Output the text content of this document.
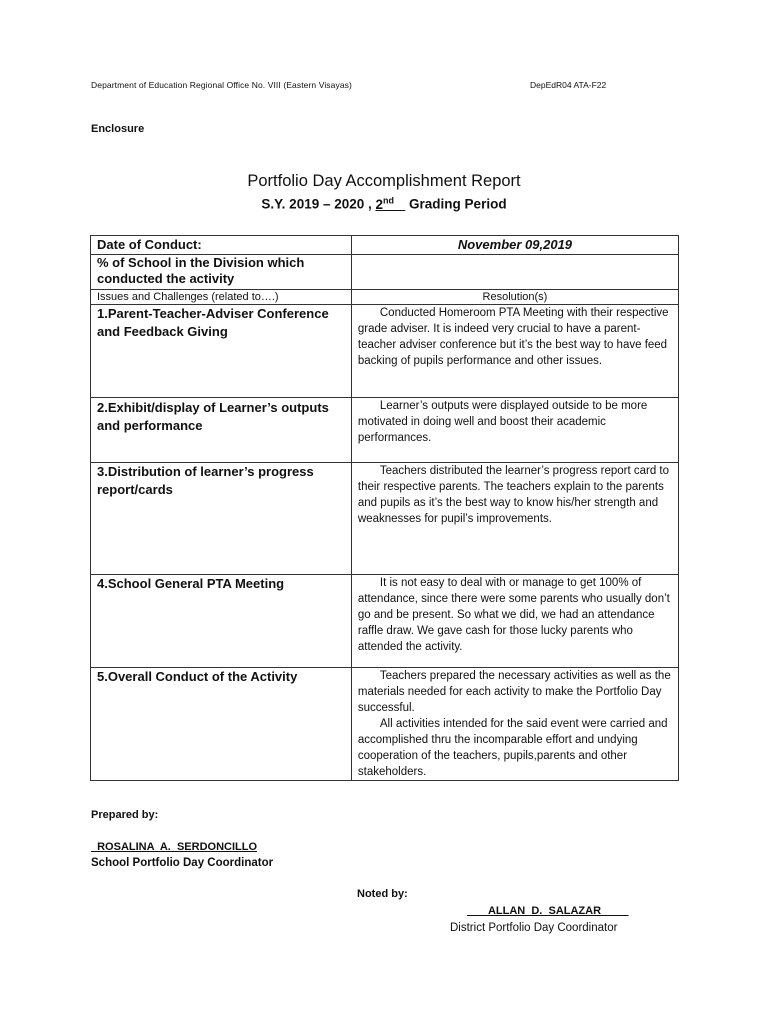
Department of Education Regional Office No. VIII (Eastern Visayas)	DepEdR04 ATA-F22
Enclosure
Portfolio Day Accomplishment Report
S.Y. 2019 – 2020 , 2nd    Grading Period
Date of Conduct:	November 09,2019
% of School in the Division which conducted the activity	
Issues and Challenges (related to….)	Resolution(s)
1.Parent-Teacher-Adviser Conference and Feedback Giving	Conducted Homeroom PTA Meeting with their respective grade adviser. It is indeed very crucial to have a parent- teacher adviser conference but it’s the best way to have feed backing of pupils performance and other issues.
2.Exhibit/display of Learner’s outputs and performance	Learner’s outputs were displayed outside to be more motivated in doing well and boost their academic performances.
3.Distribution of learner’s progress report/cards	Teachers distributed the learner’s progress report card to their respective parents. The teachers explain to the parents and pupils as it’s the best way to know his/her strength and weaknesses for pupil’s improvements.
4.School General PTA Meeting	It is not easy to deal with or manage to get 100% of attendance, since there were some parents who usually don’t go and be present. So what we did, we had an attendance raffle draw. We gave cash for those lucky parents who attended the activity.
5.Overall Conduct of the Activity	Teachers prepared the necessary activities as well as the materials needed for each activity to make the Portfolio Day successful.

All activities intended for the said event were carried and accomplished thru the incomparable effort and undying cooperation of the teachers, pupils,parents and other stakeholders.

Prepared by:
ROSALINA  A.  SERDONCILLO
School Portfolio Day Coordinator
Noted by:
ALLAN  D.  SALAZAR
District Portfolio Day Coordinator
